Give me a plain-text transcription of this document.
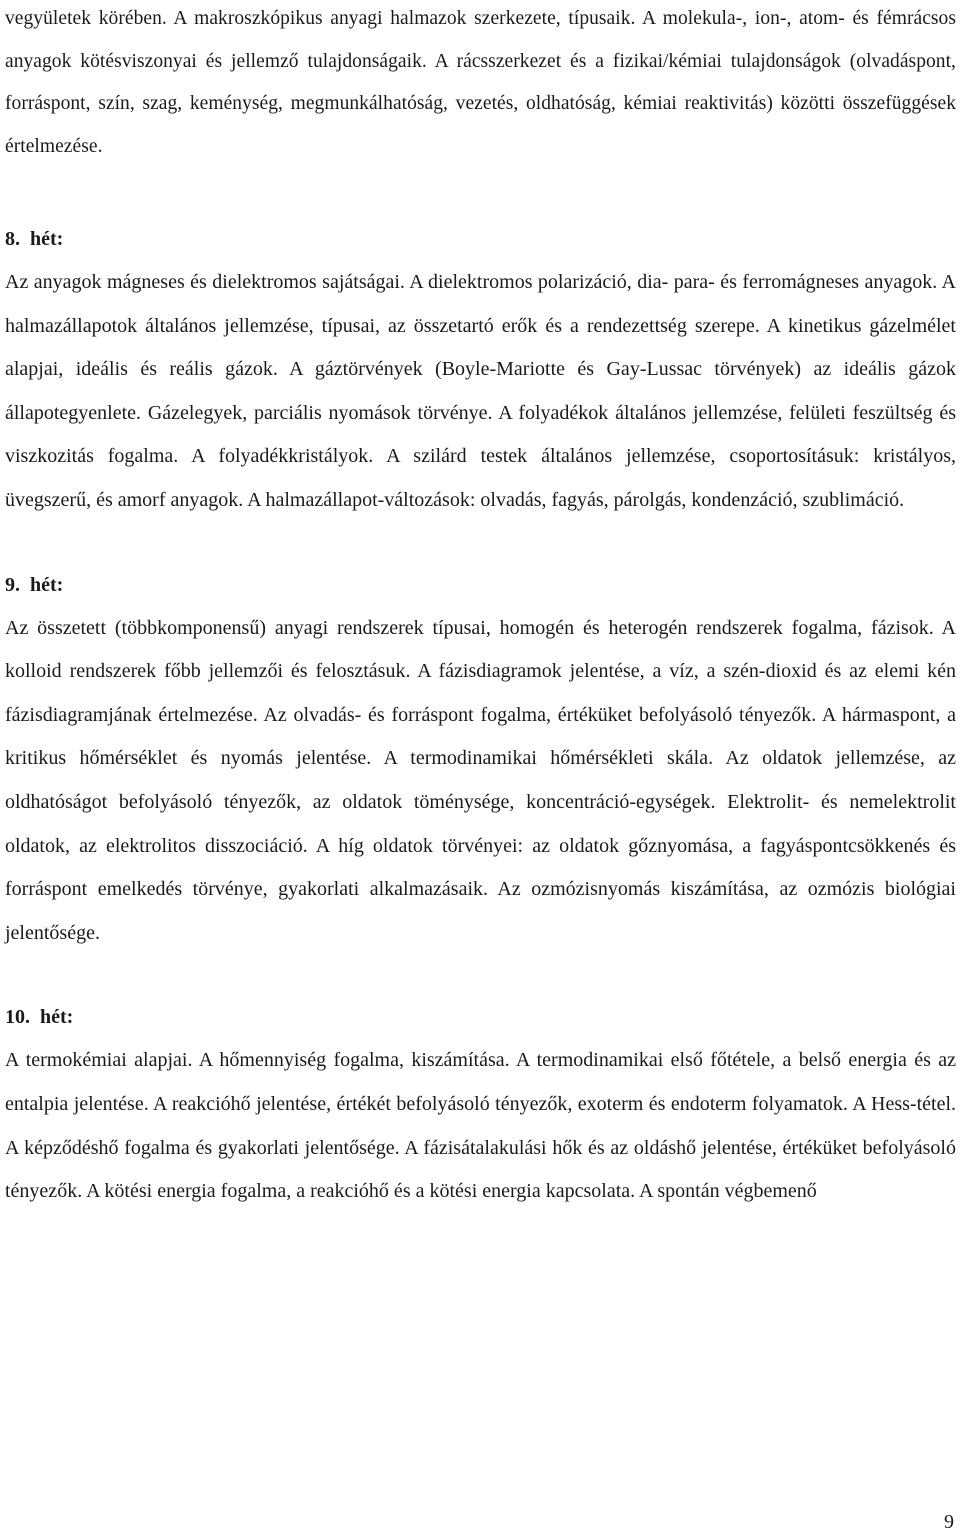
vegyületek körében. A makroszkópikus anyagi halmazok szerkezete, típusaik. A molekula-, ion-, atom- és fémrácsos anyagok kötésviszonyai és jellemző tulajdonságaik. A rácsszerkezet és a fizikai/kémiai tulajdonságok (olvadáspont, forráspont, szín, szag, keménység, megmunkálhatóság, vezetés, oldhatóság, kémiai reaktivitás) közötti összefüggések értelmezése.

8. hét:

Az anyagok mágneses és dielektromos sajátságai. A dielektromos polarizáció, dia- para- és ferromágneses anyagok. A halmazállapotok általános jellemzése, típusai, az összetartó erők és a rendezettség szerepe. A kinetikus gázelmélet alapjai, ideális és reális gázok. A gáztörvények (Boyle-Mariotte és Gay-Lussac törvények) az ideális gázok állapotegyenlete. Gázelegyek, parciális nyomások törvénye. A folyadékok általános jellemzése, felületi feszültség és viszkozitás fogalma. A folyadékkristályok. A szilárd testek általános jellemzése, csoportosításuk: kristályos, üvegszerű, és amorf anyagok. A halmazállapot-változások: olvadás, fagyás, párolgás, kondenzáció, szublimáció.

9. hét:

Az összetett (többkomponensű) anyagi rendszerek típusai, homogén és heterogén rendszerek fogalma, fázisok. A kolloid rendszerek főbb jellemzői és felosztásuk. A fázisdiagramok jelentése, a víz, a szén-dioxid és az elemi kén fázisdiagramjának értelmezése. Az olvadás- és forráspont fogalma, értéküket befolyásoló tényezők. A hármaspont, a kritikus hőmérséklet és nyomás jelentése. A termodinamikai hőmérsékleti skála. Az oldatok jellemzése, az oldhatóságot befolyásoló tényezők, az oldatok töménysége, koncentráció-egységek. Elektrolit- és nemelektrolit oldatok, az elektrolitos disszociáció. A híg oldatok törvényei: az oldatok gőznyomása, a fagyáspontcsökkenés és forráspont emelkedés törvénye, gyakorlati alkalmazásaik. Az ozmózisnyomás kiszámítása, az ozmózis biológiai jelentősége.

10. hét:

A termokémiai alapjai. A hőmennyiség fogalma, kiszámítása. A termodinamikai első főtétele, a belső energia és az entalpia jelentése. A reakcióhő jelentése, értékét befolyásoló tényezők, exoterm és endoterm folyamatok. A Hess-tétel. A képződéshő fogalma és gyakorlati jelentősége. A fázisátalakulási hők és az oldáshő jelentése, értéküket befolyásoló tényezők. A kötési energia fogalma, a reakcióhő és a kötési energia kapcsolata. A spontán végbemenő

9
